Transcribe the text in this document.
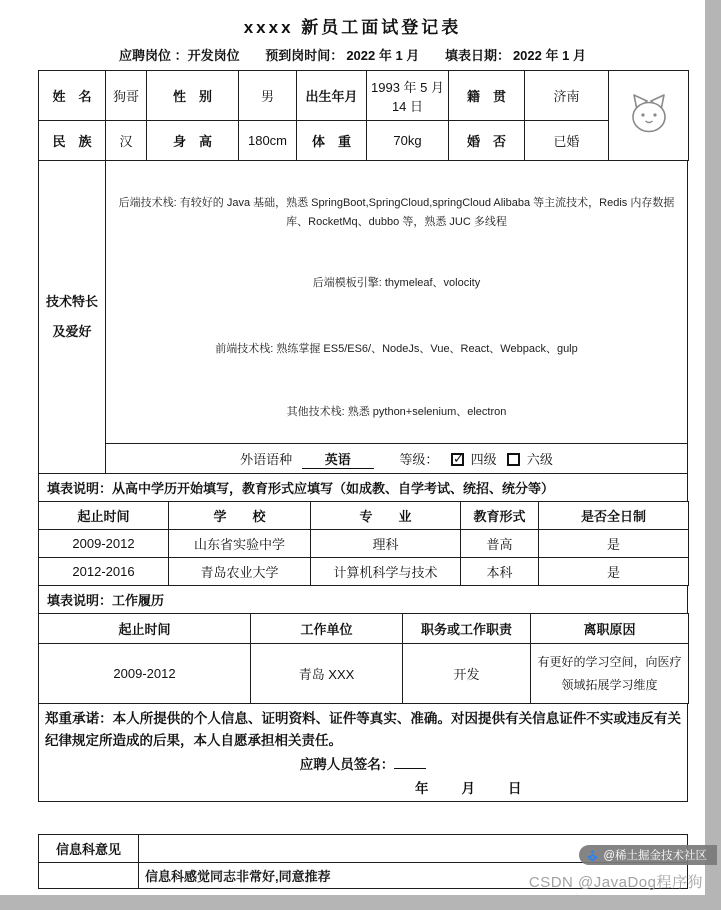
xxxx 新员工面试登记表
应聘岗位 ：开发岗位 预到岗时间： 2022 年 1 月 填表日期： 2022 年 1 月
姓　名	狗哥	性　别	男	出生年月	1993 年 5 月 14 日	籍　贯	济南	
民　族	汉	身　高	180cm	体　重	70kg	婚　否	已婚	
技术特长
及爱好

后端技术栈: 有较好的 Java 基础，熟悉 SpringBoot,SpringCloud,springCloud Alibaba 等主流技术，Redis 内存数据库、RocketMq、dubbo 等，熟悉 JUC 多线程

后端模板引擎: thymeleaf、volocity

前端技术栈: 熟练掌握 ES5/ES6/、NodeJs、Vue、React、Webpack、gulp

其他技术栈: 熟悉 python+selenium、electron

外语语种	英语	等级： ✓ 四级 六级
填表说明：从高中学历开始填写，教育形式应填写（如成教、自学考试、统招、统分等）
起止时间	学　　校	专　　业	教育形式	是否全日制
2009-2012	山东省实验中学	理科	普高	是
2012-2016	青岛农业大学	计算机科学与技术	本科	是
填表说明：工作履历
起止时间	工作单位	职务或工作职责	离职原因
2009-2012	青岛 XXX	开发	有更好的学习空间，向医疗领域拓展学习维度
郑重承诺：本人所提供的个人信息、证明资料、证件等真实、准确。对因提供有关信息证件不实或违反有关纪律规定所造成的后果，本人自愿承担相关责任。
应聘人员签名：
年　　月　　日
信息科意见	
	信息科感觉同志非常好,同意推荐
@稀土掘金技术社区
CSDN @JavaDog程序狗
